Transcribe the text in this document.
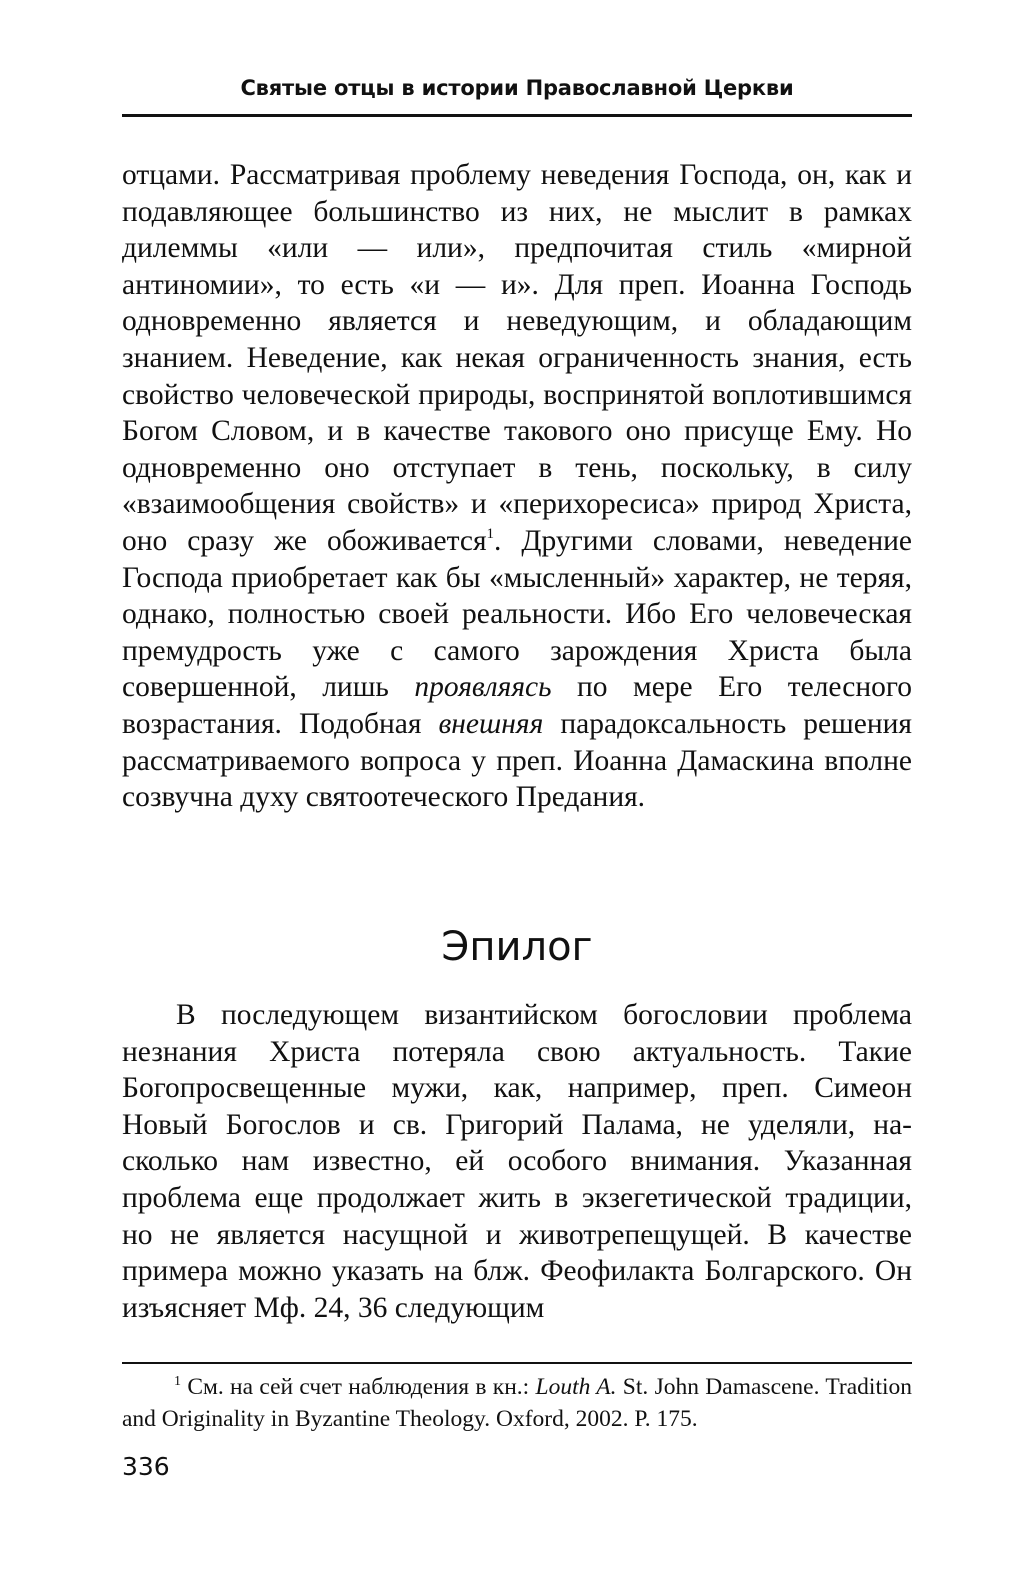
Святые отцы в истории Православной Церкви

отцами. Рассматривая проблему неведения Господа, он, как и подавляющее большинство из них, не мыслит в рамках дилеммы «или — или», предпочитая стиль «мирной антиномии», то есть «и — и». Для преп. Иоанна Господь одновременно является и неведующим, и обладающим знанием. Неведение, как некая ограниченность знания, есть свойство человеческой природы, воспринятой воплотившимся Богом Словом, и в качестве такового оно присуще Ему. Но одновременно оно отступает в тень, поскольку, в силу «взаимообщения свойств» и «перихоресиса» природ Христа, оно сразу же обоживается$^1$. Другими словами, неведение Господа приобретает как бы «мысленный» характер, не теряя, однако, полностью своей реальности. Ибо Его человеческая премудрость уже с самого зарождения Христа была совершенной, лишь проявляясь по мере Его телесного возрастания. Подобная внешняя парадоксальность решения рассматриваемого вопроса у преп. Иоанна Дамаскина вполне созвучна духу святоотеческого Предания.

Эпилог

В последующем византийском богословии проблема незнания Христа потеряла свою актуальность. Такие Богопросвещенные мужи, как, например, преп. Симеон Новый Богослов и св. Григорий Палама, не уделяли, насколько нам известно, ей особого внимания. Указанная проблема еще продолжает жить в экзегетической традиции, но не является насущной и животрепещущей. В качестве примера можно указать на блж. Феофилакта Болгарского. Он изъясняет Мф. 24, 36 следующим

$^1$ См. на сей счет наблюдения в кн.: Louth A. St. John Damascene. Tradition and Originality in Byzantine Theology. Oxford, 2002. P. 175.

336
